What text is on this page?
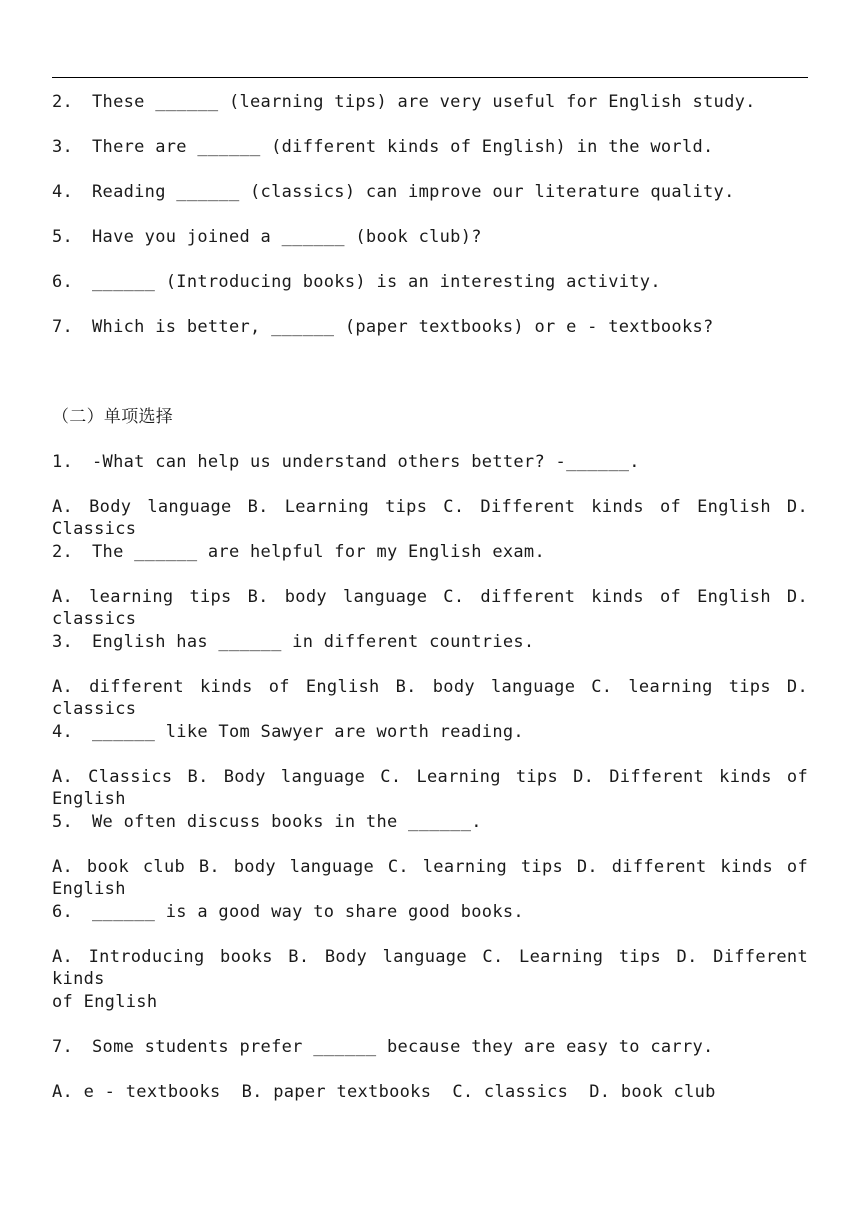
2. These ______ (learning tips) are very useful for English study.
3. There are ______ (different kinds of English) in the world.
4. Reading ______ (classics) can improve our literature quality.
5. Have you joined a ______ (book club)?
6. ______ (Introducing books) is an interesting activity.
7. Which is better, ______ (paper textbooks) or e - textbooks?
（二）单项选择
1. -What can help us understand others better? -______.
A. Body language B. Learning tips C. Different kinds of English D. Classics
2. The ______ are helpful for my English exam.
A. learning tips B. body language C. different kinds of English D. classics
3. English has ______ in different countries.
A. different kinds of English B. body language C. learning tips D. classics
4. ______ like Tom Sawyer are worth reading.
A. Classics B. Body language C. Learning tips D. Different kinds of English
5. We often discuss books in the ______.
A. book club B. body language C. learning tips D. different kinds of English
6. ______ is a good way to share good books.
A. Introducing books B. Body language C. Learning tips D. Different kinds
of English
7. Some students prefer ______ because they are easy to carry.
A. e - textbooks  B. paper textbooks  C. classics  D. book club
